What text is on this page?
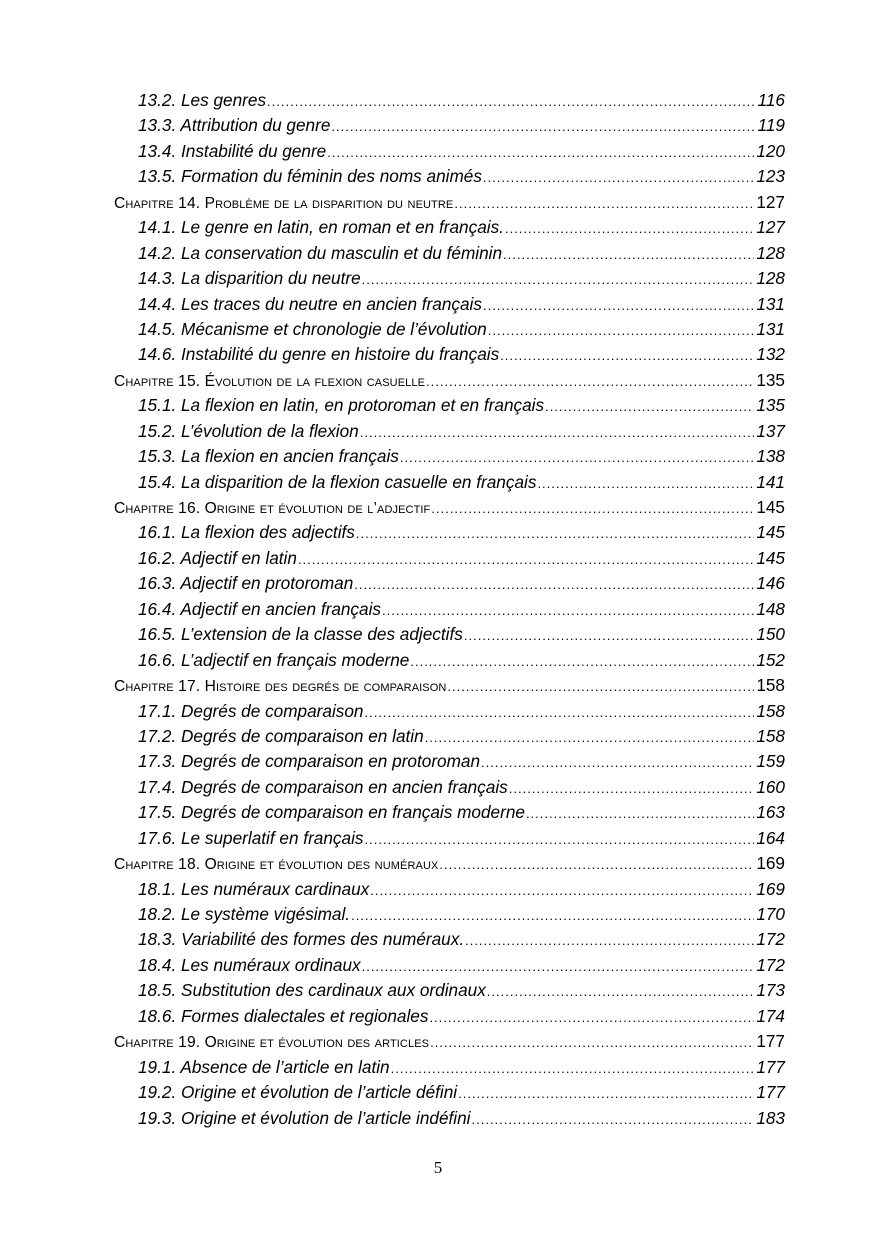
13.2. Les genres .....	116
13.3. Attribution du genre .....	119
13.4. Instabilité du genre .....	120
13.5. Formation du féminin des noms animés .....	123
Chapitre 14. Problème de la disparition du neutre .....	127
14.1. Le genre en latin, en roman et en français. .....	127
14.2. La conservation du masculin et du féminin .....	128
14.3. La disparition du neutre .....	128
14.4. Les traces du neutre en ancien français .....	131
14.5. Mécanisme et chronologie de l’évolution .....	131
14.6. Instabilité du genre en histoire du français .....	132
Chapitre 15. Évolution de la flexion casuelle .....	135
15.1. La flexion en latin, en protoroman et en français .....	135
15.2. L’évolution de la flexion .....	137
15.3. La flexion en ancien français .....	138
15.4. La disparition de la flexion casuelle en français .....	141
Chapitre 16. Origine et évolution de l’adjectif .....	145
16.1. La flexion des adjectifs .....	145
16.2. Adjectif en latin .....	145
16.3. Adjectif en protoroman .....	146
16.4. Adjectif en ancien français .....	148
16.5. L’extension de la classe des adjectifs .....	150
16.6. L’adjectif en français moderne .....	152
Chapitre 17. Histoire des degrés de comparaison .....	158
17.1. Degrés de comparaison .....	158
17.2. Degrés de comparaison en latin .....	158
17.3. Degrés de comparaison en protoroman .....	159
17.4. Degrés de comparaison en ancien français .....	160
17.5. Degrés de comparaison en français moderne .....	163
17.6. Le superlatif en français .....	164
Chapitre 18. Origine et évolution des numéraux .....	169
18.1. Les numéraux cardinaux .....	169
18.2. Le système vigésimal. .....	170
18.3. Variabilité des formes des numéraux. .....	172
18.4. Les numéraux ordinaux .....	172
18.5. Substitution des cardinaux aux ordinaux .....	173
18.6. Formes dialectales et regionales .....	174
Chapitre 19. Origine et évolution des articles .....	177
19.1. Absence de l’article en latin .....	177
19.2. Origine et évolution de l’article défini .....	177
19.3. Origine et évolution de l’article indéfini .....	183
5
